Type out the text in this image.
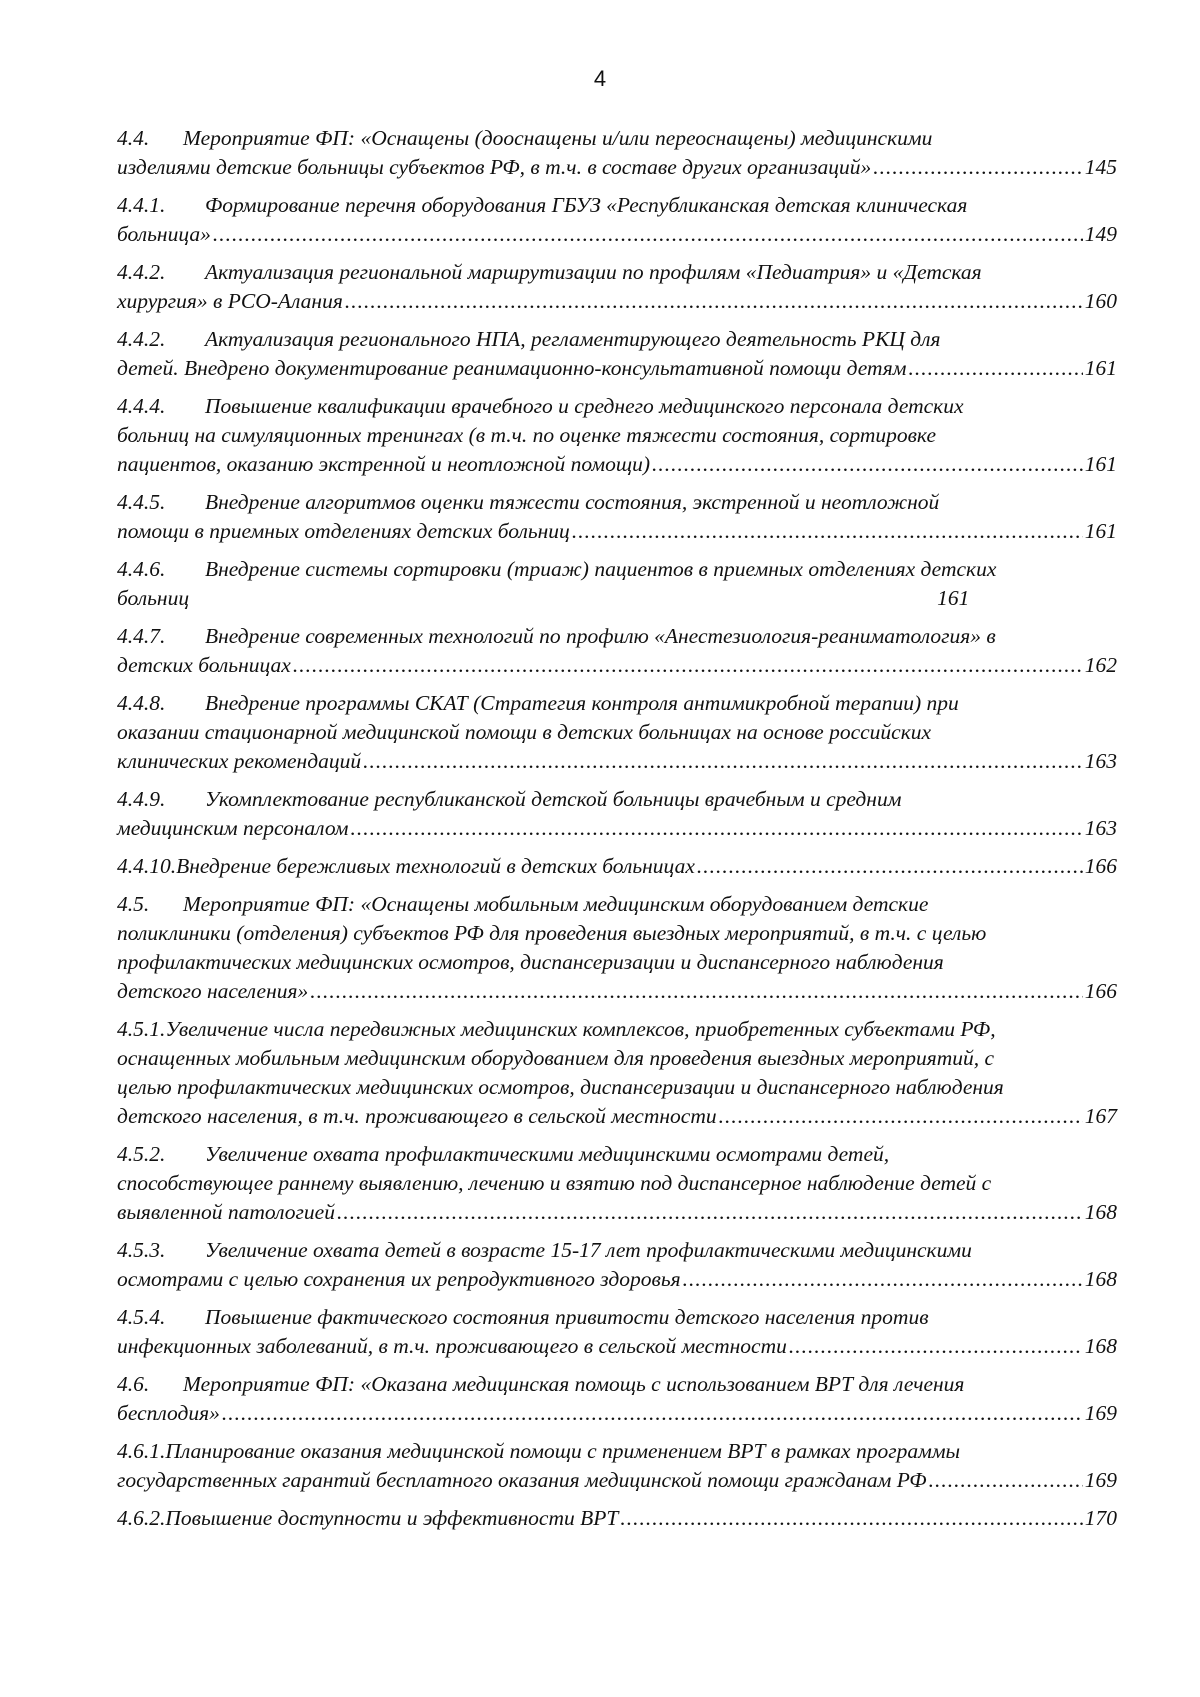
4
4.4. Мероприятие ФП: «Оснащены (дооснащены и/или переоснащены) медицинскими
изделиями детские больницы субъектов РФ, в т.ч. в составе других организаций» .....	145
4.4.1. Формирование перечня оборудования ГБУЗ «Республиканская детская клиническая
больница» .....	149
4.4.2. Актуализация региональной маршрутизации по профилям «Педиатрия» и «Детская
хирургия» в РСО-Алания .....	160
4.4.2. Актуализация регионального НПА, регламентирующего деятельность РКЦ для
детей. Внедрено документирование реанимационно-консультативной помощи детям .....	161
4.4.4. Повышение квалификации врачебного и среднего медицинского персонала детских
больниц на симуляционных тренингах (в т.ч. по оценке тяжести состояния, сортировке
пациентов, оказанию экстренной и неотложной помощи) .....	161
4.4.5. Внедрение алгоритмов оценки тяжести состояния, экстренной и неотложной
помощи в приемных отделениях детских больниц .....	161
4.4.6. Внедрение системы сортировки (триаж) пациентов в приемных отделениях детских
больниц	161
4.4.7. Внедрение современных технологий по профилю «Анестезиология-реаниматология» в
детских больницах .....	162
4.4.8. Внедрение программы СКАТ (Стратегия контроля антимикробной терапии) при
оказании стационарной медицинской помощи в детских больницах на основе российских
клинических рекомендаций .....	163
4.4.9. Укомплектование республиканской детской больницы врачебным и средним
медицинским персоналом .....	163
4.4.10. Внедрение бережливых технологий в детских больницах .....	166
4.5. Мероприятие ФП: «Оснащены мобильным медицинским оборудованием детские
поликлиники (отделения) субъектов РФ для проведения выездных мероприятий, в т.ч. с целью
профилактических медицинских осмотров, диспансеризации и диспансерного наблюдения
детского населения» .....	166
4.5.1.Увеличение числа передвижных медицинских комплексов, приобретенных субъектами РФ,
оснащенных мобильным медицинским оборудованием для проведения выездных мероприятий, с
целью профилактических медицинских осмотров, диспансеризации и диспансерного наблюдения
детского населения, в т.ч. проживающего в сельской местности .....	167
4.5.2. Увеличение охвата профилактическими медицинскими осмотрами детей,
способствующее раннему выявлению, лечению и взятию под диспансерное наблюдение детей с
выявленной патологией .....	168
4.5.3. Увеличение охвата детей в возрасте 15-17 лет профилактическими медицинскими
осмотрами с целью сохранения их репродуктивного здоровья .....	168
4.5.4. Повышение фактического состояния привитости детского населения против
инфекционных заболеваний, в т.ч. проживающего в сельской местности .....	168
4.6. Мероприятие ФП: «Оказана медицинская помощь с использованием ВРТ для лечения
бесплодия» .....	169
4.6.1.Планирование оказания медицинской помощи с применением ВРТ в рамках программы
государственных гарантий бесплатного оказания медицинской помощи гражданам РФ .....	169
4.6.2. Повышение доступности и эффективности ВРТ .....	170
